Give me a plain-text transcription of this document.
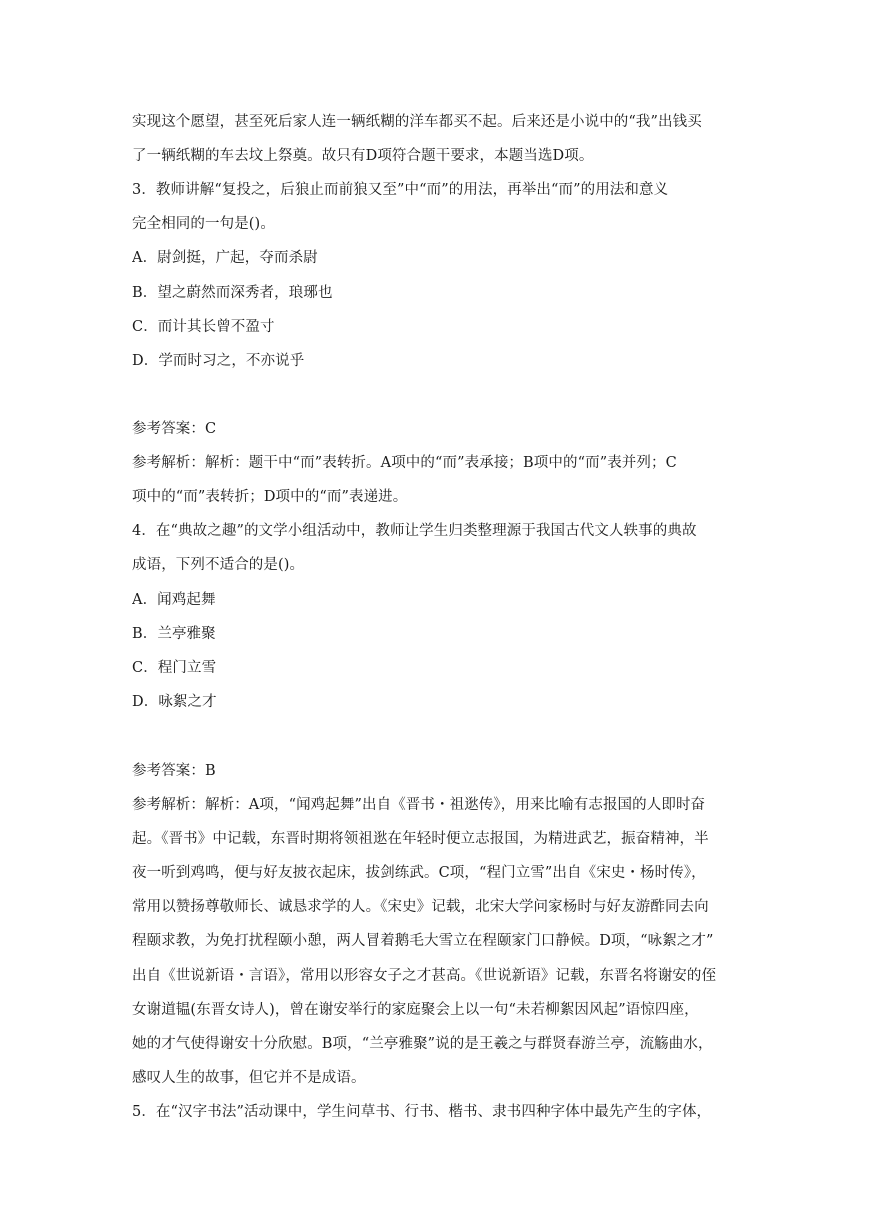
实现这个愿望，甚至死后家人连一辆纸糊的洋车都买不起。后来还是小说中的“我”出钱买
了一辆纸糊的车去坟上祭奠。故只有D项符合题干要求，本题当选D项。
3．教师讲解“复投之，后狼止而前狼又至”中“而”的用法，再举出“而”的用法和意义
完全相同的一句是()。
A．尉剑挺，广起，夺而杀尉
B．望之蔚然而深秀者，琅琊也
C．而计其长曾不盈寸
D．学而时习之，不亦说乎
参考答案：C
参考解析：解析：题干中“而”表转折。A项中的“而”表承接；B项中的“而”表并列；C
项中的“而”表转折；D项中的“而”表递进。
4．在“典故之趣”的文学小组活动中，教师让学生归类整理源于我国古代文人轶事的典故
成语，下列不适合的是()。
A．闻鸡起舞
B．兰亭雅聚
C．程门立雪
D．咏絮之才
参考答案：B
参考解析：解析：A项，“闻鸡起舞”出自《晋书・祖逖传》，用来比喻有志报国的人即时奋
起。《晋书》中记载，东晋时期将领祖逖在年轻时便立志报国，为精进武艺，振奋精神，半
夜一听到鸡鸣，便与好友披衣起床，拔剑练武。C项，“程门立雪”出自《宋史・杨时传》，
常用以赞扬尊敬师长、诚恳求学的人。《宋史》记载，北宋大学问家杨时与好友游酢同去向
程颐求教，为免打扰程颐小憩，两人冒着鹅毛大雪立在程颐家门口静候。D项，“咏絮之才”
出自《世说新语・言语》，常用以形容女子之才甚高。《世说新语》记载，东晋名将谢安的侄
女谢道韫(东晋女诗人)，曾在谢安举行的家庭聚会上以一句“未若柳絮因风起”语惊四座，
她的才气使得谢安十分欣慰。B项，“兰亭雅聚”说的是王羲之与群贤春游兰亭，流觞曲水，
感叹人生的故事，但它并不是成语。
5．在“汉字书法”活动课中，学生问草书、行书、楷书、隶书四种字体中最先产生的字体，
